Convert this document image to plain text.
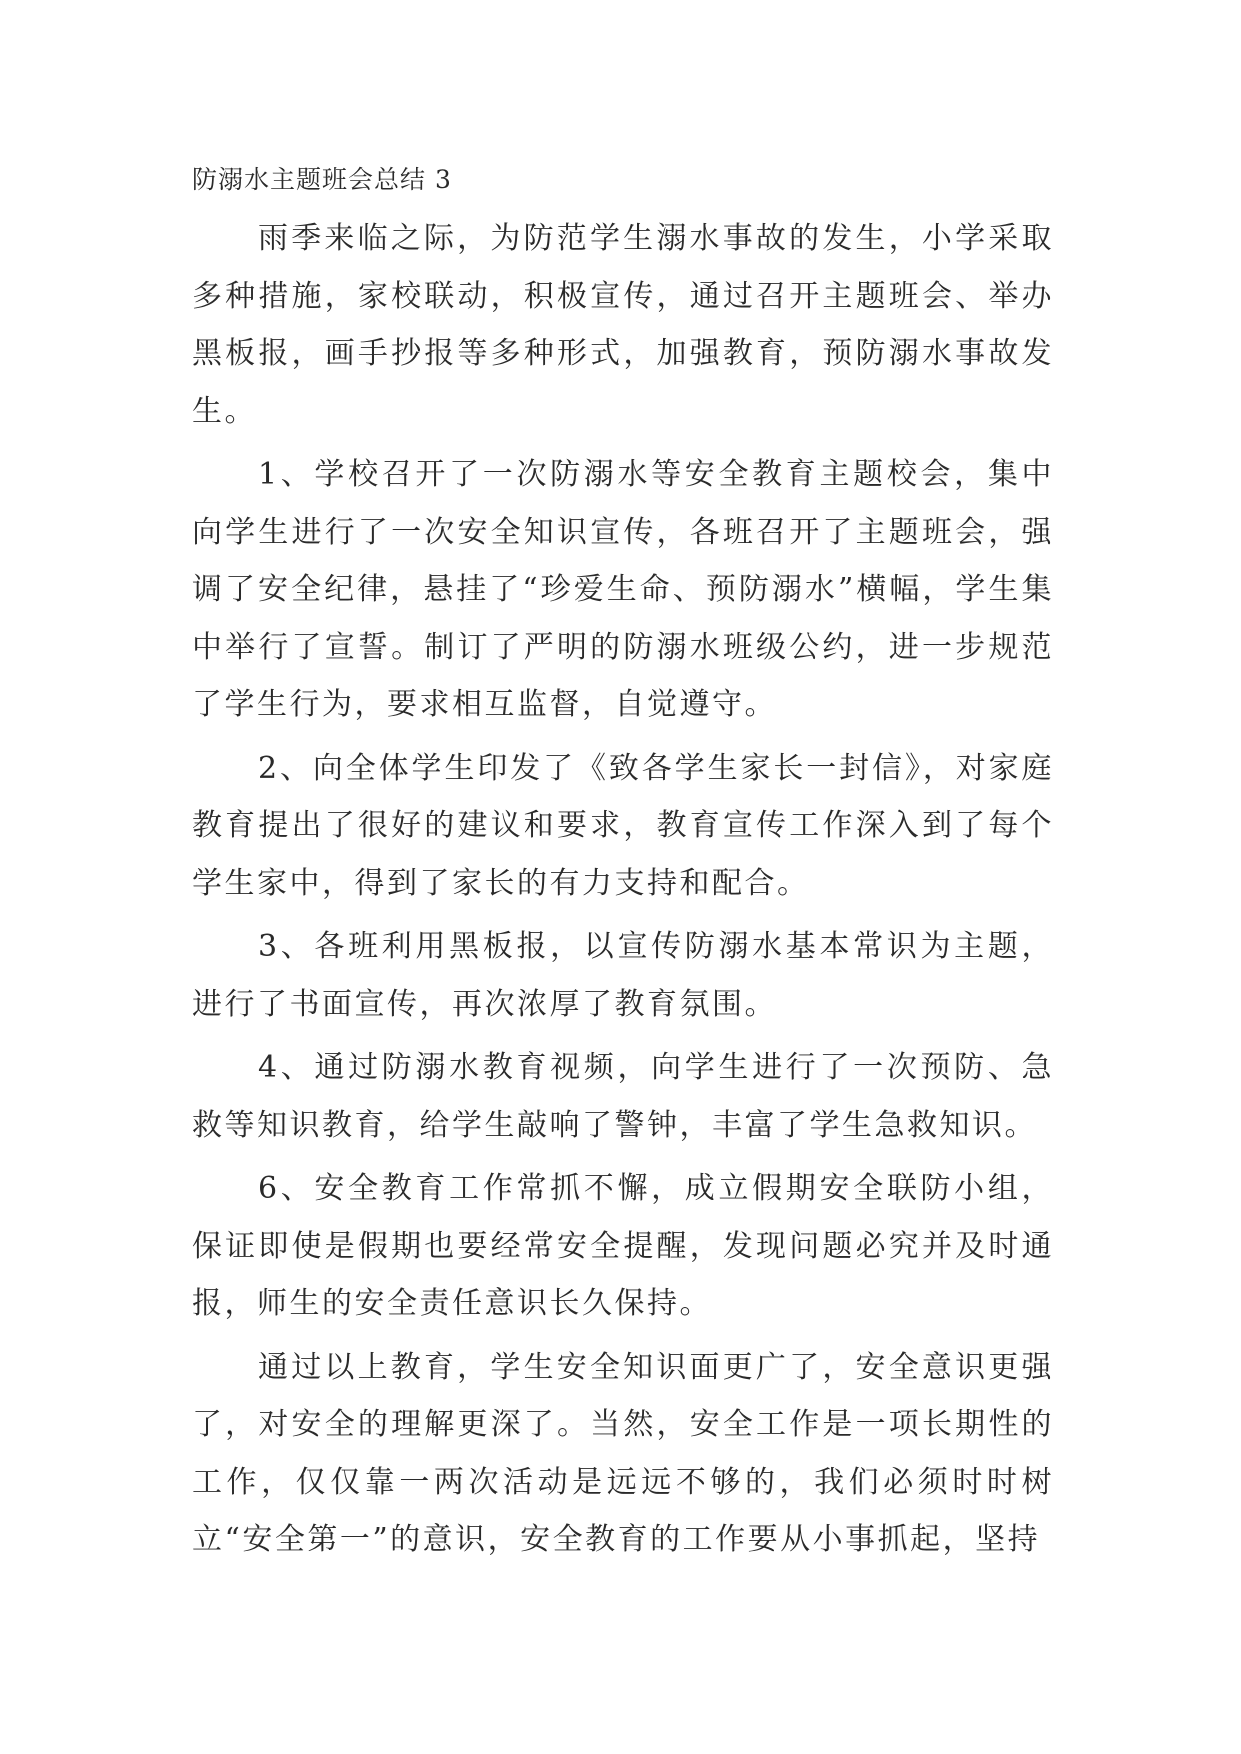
防溺水主题班会总结 3

雨季来临之际，为防范学生溺水事故的发生，小学采取多种措施，家校联动，积极宣传，通过召开主题班会、举办黑板报，画手抄报等多种形式，加强教育，预防溺水事故发生。

1、学校召开了一次防溺水等安全教育主题校会，集中向学生进行了一次安全知识宣传，各班召开了主题班会，强调了安全纪律，悬挂了“珍爱生命、预防溺水”横幅，学生集中举行了宣誓。制订了严明的防溺水班级公约，进一步规范了学生行为，要求相互监督，自觉遵守。

2、向全体学生印发了《致各学生家长一封信》，对家庭教育提出了很好的建议和要求，教育宣传工作深入到了每个学生家中，得到了家长的有力支持和配合。

3、各班利用黑板报，以宣传防溺水基本常识为主题，进行了书面宣传，再次浓厚了教育氛围。

4、通过防溺水教育视频，向学生进行了一次预防、急救等知识教育，给学生敲响了警钟，丰富了学生急救知识。

6、安全教育工作常抓不懈，成立假期安全联防小组，保证即使是假期也要经常安全提醒，发现问题必究并及时通报，师生的安全责任意识长久保持。

通过以上教育，学生安全知识面更广了，安全意识更强了，对安全的理解更深了。当然，安全工作是一项长期性的工作，仅仅靠一两次活动是远远不够的，我们必须时时树立“安全第一”的意识，安全教育的工作要从小事抓起，坚持
